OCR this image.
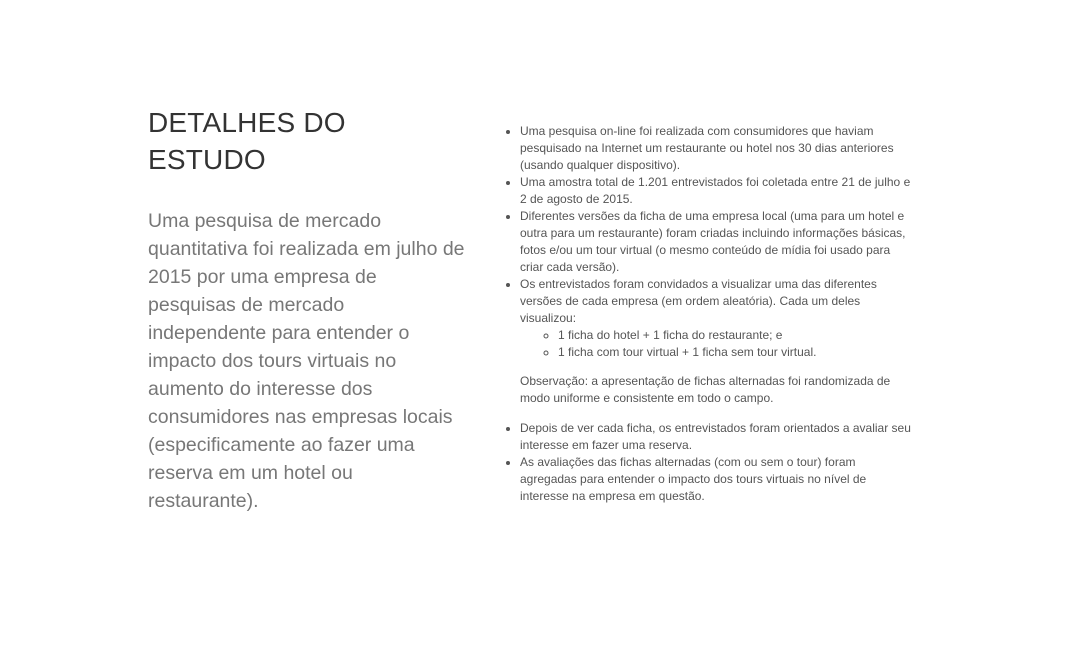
DETALHES DO ESTUDO

Uma pesquisa de mercado quantitativa foi realizada em julho de 2015 por uma empresa de pesquisas de mercado independente para entender o impacto dos tours virtuais no aumento do interesse dos consumidores nas empresas locais (especificamente ao fazer uma reserva em um hotel ou restaurante).

• Uma pesquisa on-line foi realizada com consumidores que haviam pesquisado na Internet um restaurante ou hotel nos 30 dias anteriores (usando qualquer dispositivo).
• Uma amostra total de 1.201 entrevistados foi coletada entre 21 de julho e 2 de agosto de 2015.
• Diferentes versões da ficha de uma empresa local (uma para um hotel e outra para um restaurante) foram criadas incluindo informações básicas, fotos e/ou um tour virtual (o mesmo conteúdo de mídia foi usado para criar cada versão).
• Os entrevistados foram convidados a visualizar uma das diferentes versões de cada empresa (em ordem aleatória). Cada um deles visualizou:
◦ 1 ficha do hotel + 1 ficha do restaurante; e
◦ 1 ficha com tour virtual + 1 ficha sem tour virtual.

Observação: a apresentação de fichas alternadas foi randomizada de modo uniforme e consistente em todo o campo.

• Depois de ver cada ficha, os entrevistados foram orientados a avaliar seu interesse em fazer uma reserva.
• As avaliações das fichas alternadas (com ou sem o tour) foram agregadas para entender o impacto dos tours virtuais no nível de interesse na empresa em questão.
